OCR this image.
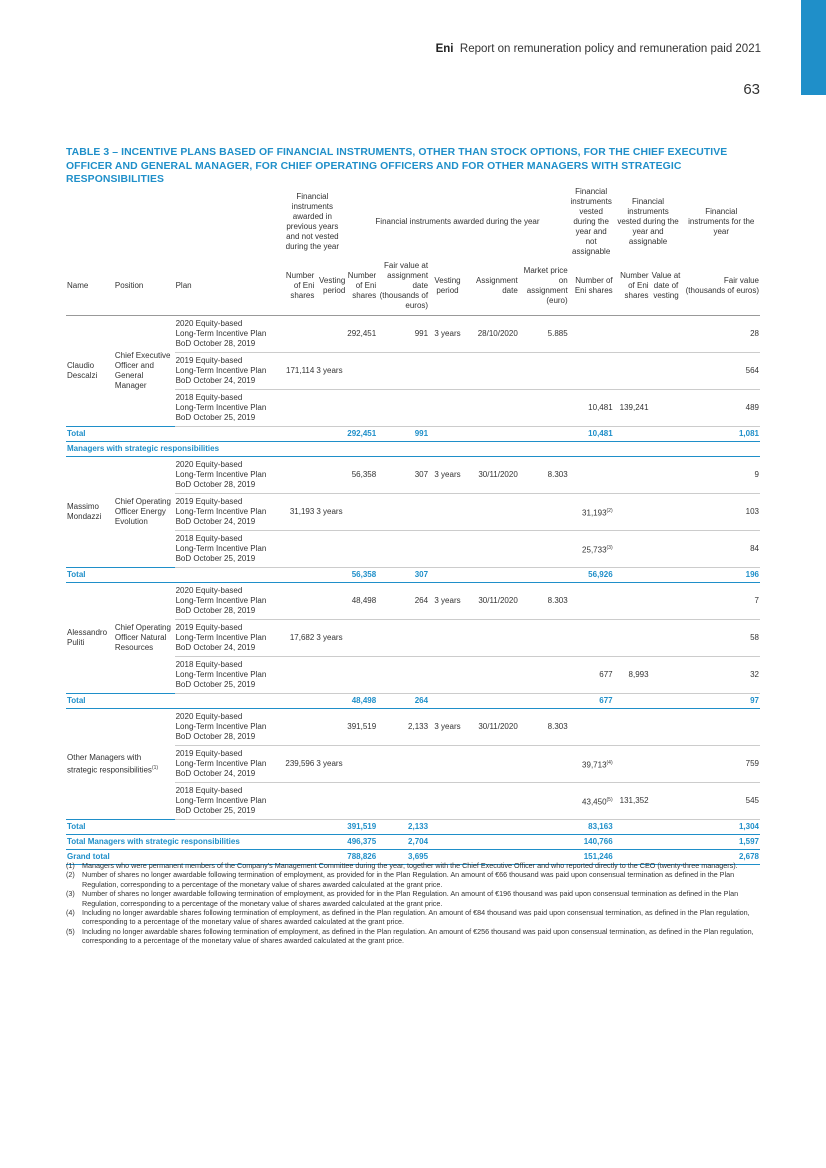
Eni Report on remuneration policy and remuneration paid 2021
63
TABLE 3 – INCENTIVE PLANS BASED OF FINANCIAL INSTRUMENTS, OTHER THAN STOCK OPTIONS, FOR THE CHIEF EXECUTIVE OFFICER AND GENERAL MANAGER, FOR CHIEF OPERATING OFFICERS AND FOR OTHER MANAGERS WITH STRATEGIC RESPONSIBILITIES
			Financial instruments awarded in previous years and not vested during the year		Financial instruments awarded during the year					Financial instruments vested during the year and not assignable	Financial instruments vested during the year and assignable		Financial instruments for the year
Name	Position	Plan	Number of Eni shares	Vesting period	Number of Eni shares	Fair value at assignment date (thousands of euros)	Vesting period	Assignment date	Market price on assignment (euro)	Number of Eni shares	Number of Eni shares	Value at date of vesting	Fair value (thousands of euros)
Claudio Descalzi	Chief Executive Officer and General Manager	2020 Equity-based
Long-Term Incentive Plan
BoD October 28, 2019			292,451	991	3 years	28/10/2020	5.885				28

		2019 Equity-based
Long-Term Incentive Plan
BoD October 24, 2019	171,114	3 years									564

		2018 Equity-based
Long-Term Incentive Plan
BoD October 25, 2019								10,481	139,241		489
Total					292,451	991				10,481			1,081
Managers with strategic responsibilities													
Massimo Mondazzi	Chief Operating Officer Energy Evolution	2020 Equity-based
Long-Term Incentive Plan
BoD October 28, 2019			56,358	307	3 years	30/11/2020	8.303				9

		2019 Equity-based
Long-Term Incentive Plan
BoD October 24, 2019	31,193	3 years						31,193$^{(2)}$			103

		2018 Equity-based
Long-Term Incentive Plan
BoD October 25, 2019								25,733$^{(3)}$			84
Total					56,358	307				56,926			196
Alessandro Puliti	Chief Operating Officer Natural Resources	2020 Equity-based
Long-Term Incentive Plan
BoD October 28, 2019			48,498	264	3 years	30/11/2020	8.303				7

		2019 Equity-based
Long-Term Incentive Plan
BoD October 24, 2019	17,682	3 years									58

		2018 Equity-based
Long-Term Incentive Plan
BoD October 25, 2019								677	8,993		32
Total					48,498	264				677			97
Other Managers with strategic responsibilities$^{(1)}$		2020 Equity-based
Long-Term Incentive Plan
BoD October 28, 2019			391,519	2,133	3 years	30/11/2020	8.303				

		2019 Equity-based
Long-Term Incentive Plan
BoD October 24, 2019	239,596	3 years						39,713$^{(4)}$			759

		2018 Equity-based
Long-Term Incentive Plan
BoD October 25, 2019								43,450$^{(5)}$	131,352		545
Total					391,519	2,133				83,163			1,304
Total Managers with strategic responsibilities					496,375	2,704				140,766			1,597
Grand total					788,826	3,695				151,246			2,678
(1)	Managers who were permanent members of the Company's Management Committee during the year, together with the Chief Executive Officer and who reported directly to the CEO (twenty-three managers).
(2)	Number of shares no longer awardable following termination of employment, as provided for in the Plan Regulation. An amount of €66 thousand was paid upon consensual termination as defined in the Plan Regulation, corresponding to a percentage of the monetary value of shares awarded calculated at the grant price.
(3)	Number of shares no longer awardable following termination of employment, as provided for in the Plan Regulation. An amount of €196 thousand was paid upon consensual termination as defined in the Plan Regulation, corresponding to a percentage of the monetary value of shares awarded calculated at the grant price.
(4)	Including no longer awardable shares following termination of employment, as defined in the Plan regulation. An amount of €84 thousand was paid upon consensual termination, as defined in the Plan regulation, corresponding to a percentage of the monetary value of shares awarded calculated at the grant price.
(5)	Including no longer awardable shares following termination of employment, as defined in the Plan regulation. An amount of €256 thousand was paid upon consensual termination, as defined in the Plan regulation, corresponding to a percentage of the monetary value of shares awarded calculated at the grant price.
